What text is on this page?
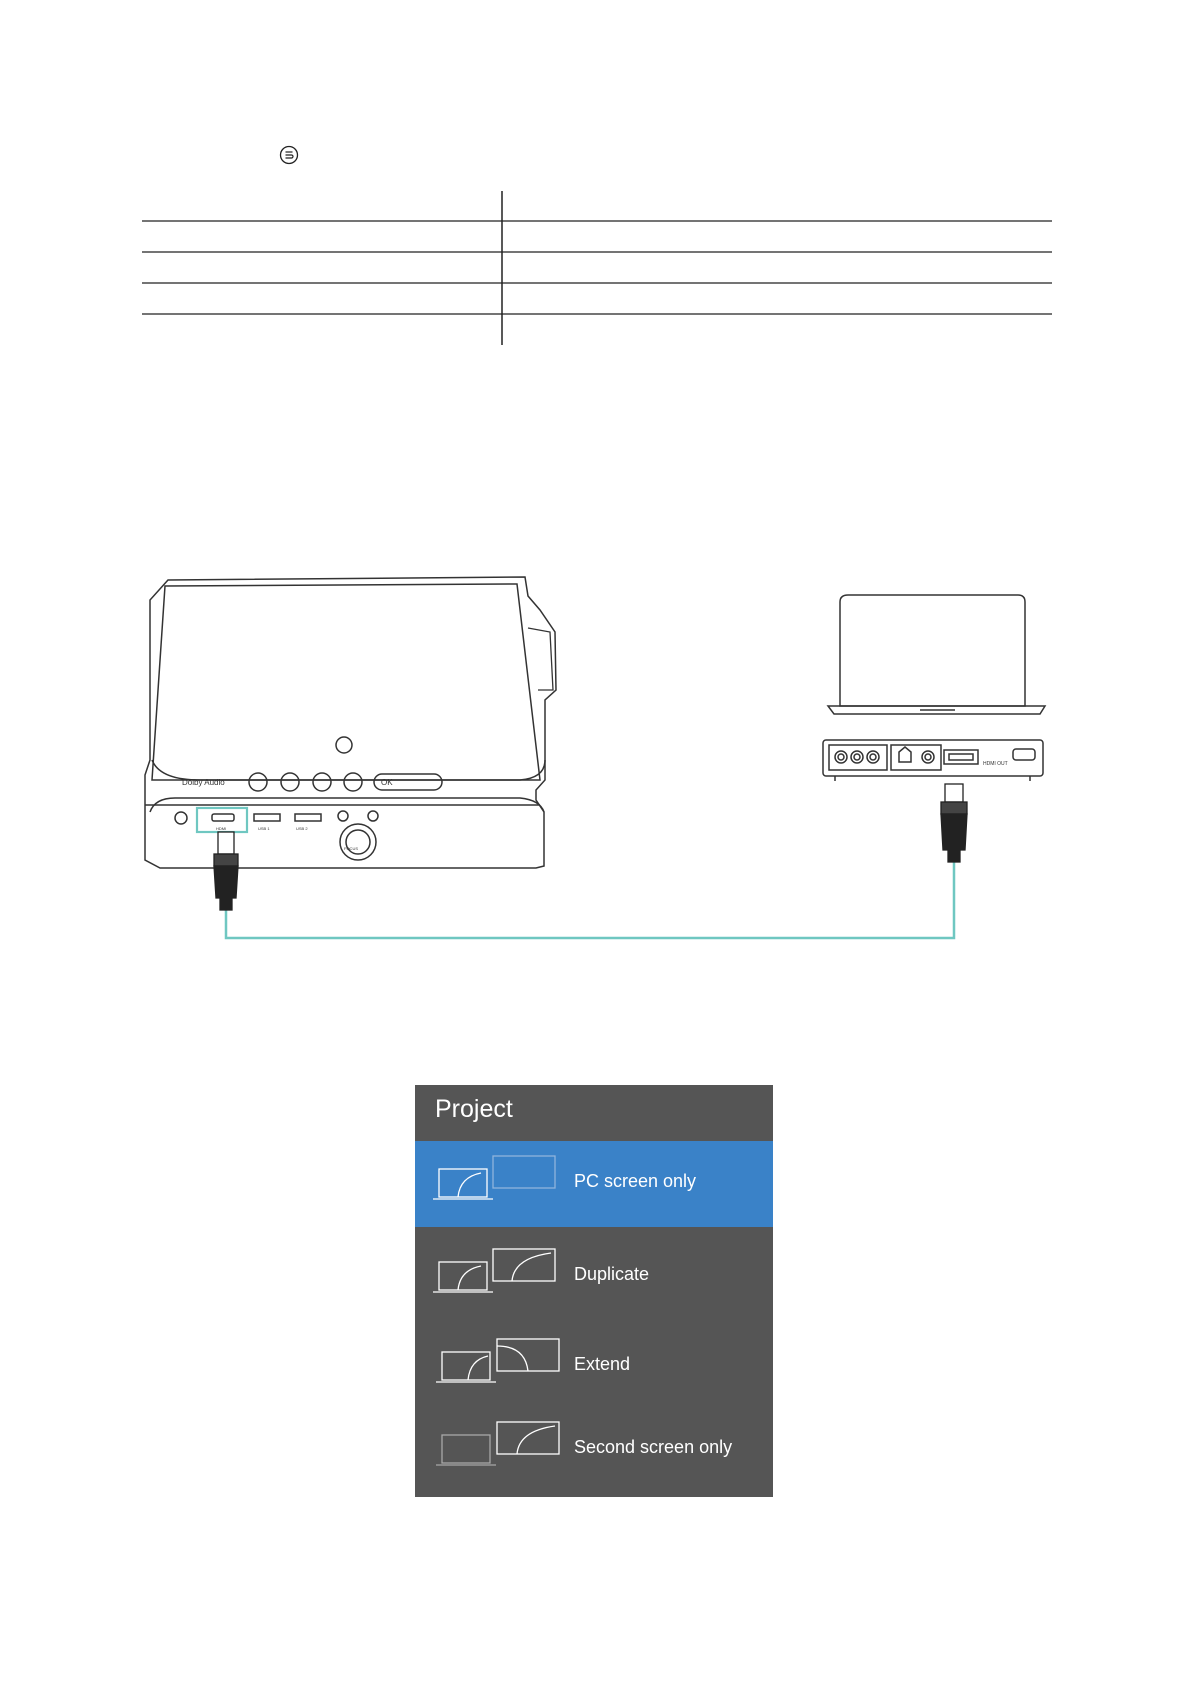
Dolby Audio	OK
HDMI	USB 1	USB 2
FOCUS
HDMI OUT
Project
PC screen only
Duplicate
Extend
Second screen only
